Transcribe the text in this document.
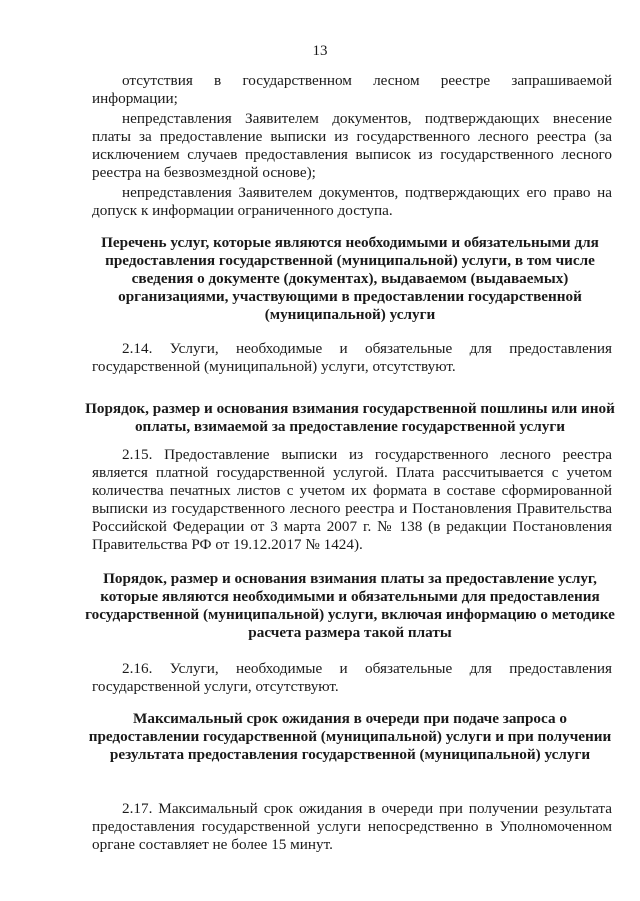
13

отсутствия в государственном лесном реестре запрашиваемой информации;

непредставления Заявителем документов, подтверждающих внесение платы за предоставление выписки из государственного лесного реестра (за исключением случаев предоставления выписок из государственного лесного реестра на безвозмездной основе);

непредставления Заявителем документов, подтверждающих его право на допуск к информации ограниченного доступа.

Перечень услуг, которые являются необходимыми и обязательными для предоставления государственной (муниципальной) услуги, в том числе сведения о документе (документах), выдаваемом (выдаваемых) организациями, участвующими в предоставлении государственной (муниципальной) услуги

2.14. Услуги, необходимые и обязательные для предоставления государственной (муниципальной) услуги, отсутствуют.

Порядок, размер и основания взимания государственной пошлины или иной оплаты, взимаемой за предоставление государственной услуги

2.15. Предоставление выписки из государственного лесного реестра является платной государственной услугой. Плата рассчитывается с учетом количества печатных листов с учетом их формата в составе сформированной выписки из государственного лесного реестра и Постановления Правительства Российской Федерации от 3 марта 2007 г. № 138 (в редакции Постановления Правительства РФ от 19.12.2017 № 1424).

Порядок, размер и основания взимания платы за предоставление услуг, которые являются необходимыми и обязательными для предоставления государственной (муниципальной) услуги, включая информацию о методике расчета размера такой платы

2.16. Услуги, необходимые и обязательные для предоставления государственной услуги, отсутствуют.

Максимальный срок ожидания в очереди при подаче запроса о предоставлении государственной (муниципальной) услуги и при получении результата предоставления государственной (муниципальной) услуги

2.17. Максимальный срок ожидания в очереди при получении результата предоставления государственной услуги непосредственно в Уполномоченном органе составляет не более 15 минут.
